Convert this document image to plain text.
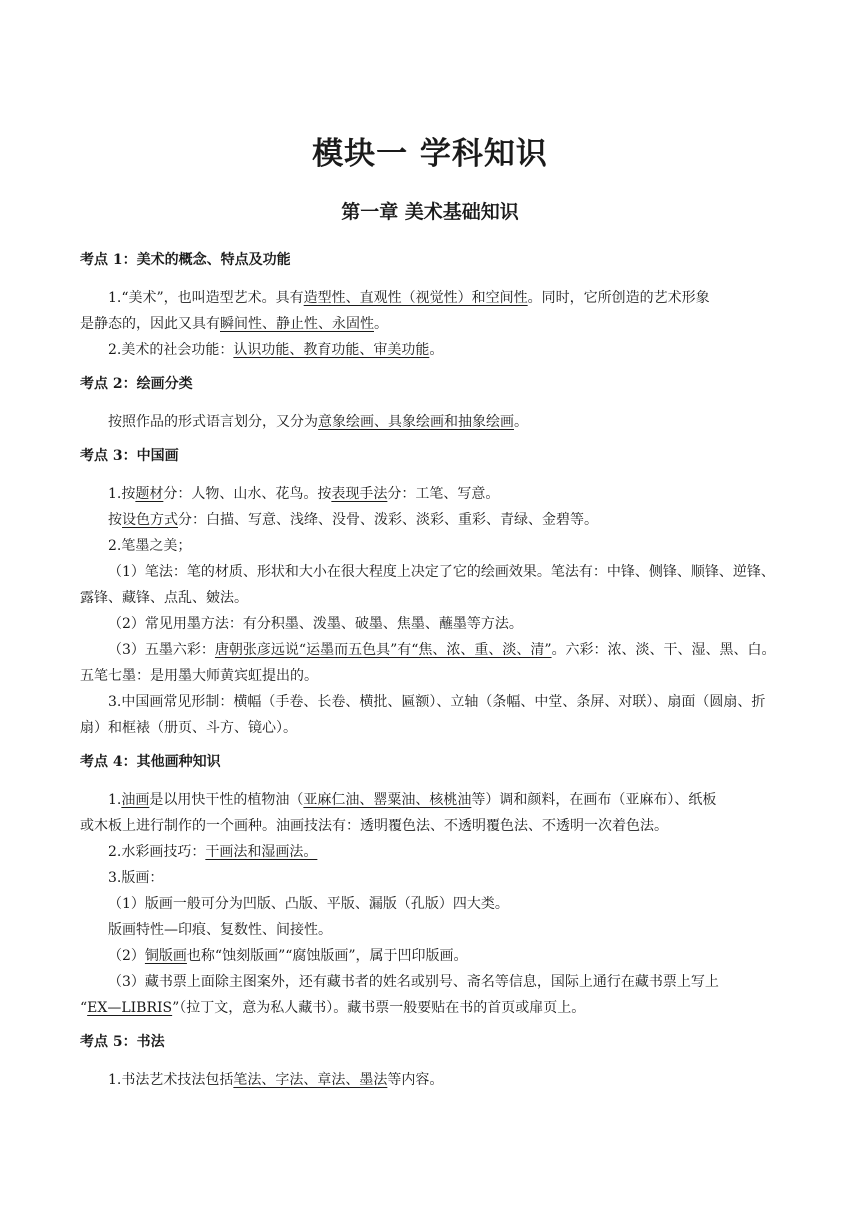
模块一 学科知识
第一章 美术基础知识

考点 1：美术的概念、特点及功能

1.“美术”，也叫造型艺术。具有造型性、直观性（视觉性）和空间性。同时，它所创造的艺术形象

是静态的，因此又具有瞬间性、静止性、永固性。

2.美术的社会功能：认识功能、教育功能、审美功能。

考点 2：绘画分类

按照作品的形式语言划分，又分为意象绘画、具象绘画和抽象绘画。

考点 3：中国画

1.按题材分：人物、山水、花鸟。按表现手法分：工笔、写意。

按设色方式分：白描、写意、浅绛、没骨、泼彩、淡彩、重彩、青绿、金碧等。

2.笔墨之美；

（1）笔法：笔的材质、形状和大小在很大程度上决定了它的绘画效果。笔法有：中锋、侧锋、顺锋、逆锋、露锋、藏锋、点乱、皴法。

（2）常见用墨方法：有分积墨、泼墨、破墨、焦墨、蘸墨等方法。

（3）五墨六彩：唐朝张彦远说“运墨而五色具”有“焦、浓、重、淡、清”。六彩：浓、淡、干、湿、黑、白。五笔七墨：是用墨大师黄宾虹提出的。

3.中国画常见形制：横幅（手卷、长卷、横批、匾额）、立轴（条幅、中堂、条屏、对联）、扇面（圆扇、折扇）和框裱（册页、斗方、镜心）。

考点 4：其他画种知识

1.油画是以用快干性的植物油（亚麻仁油、罂粟油、核桃油等）调和颜料，在画布（亚麻布）、纸板

或木板上进行制作的一个画种。油画技法有：透明覆色法、不透明覆色法、不透明一次着色法。

2.水彩画技巧：干画法和湿画法。

3.版画：

（1）版画一般可分为凹版、凸版、平版、漏版（孔版）四大类。

版画特性—印痕、复数性、间接性。

（2）铜版画也称“蚀刻版画”“腐蚀版画”，属于凹印版画。

（3）藏书票上面除主图案外，还有藏书者的姓名或别号、斋名等信息，国际上通行在藏书票上写上

“EX—LIBRIS”（拉丁文，意为私人藏书）。藏书票一般要贴在书的首页或扉页上。

考点 5：书法

1.书法艺术技法包括笔法、字法、章法、墨法等内容。
